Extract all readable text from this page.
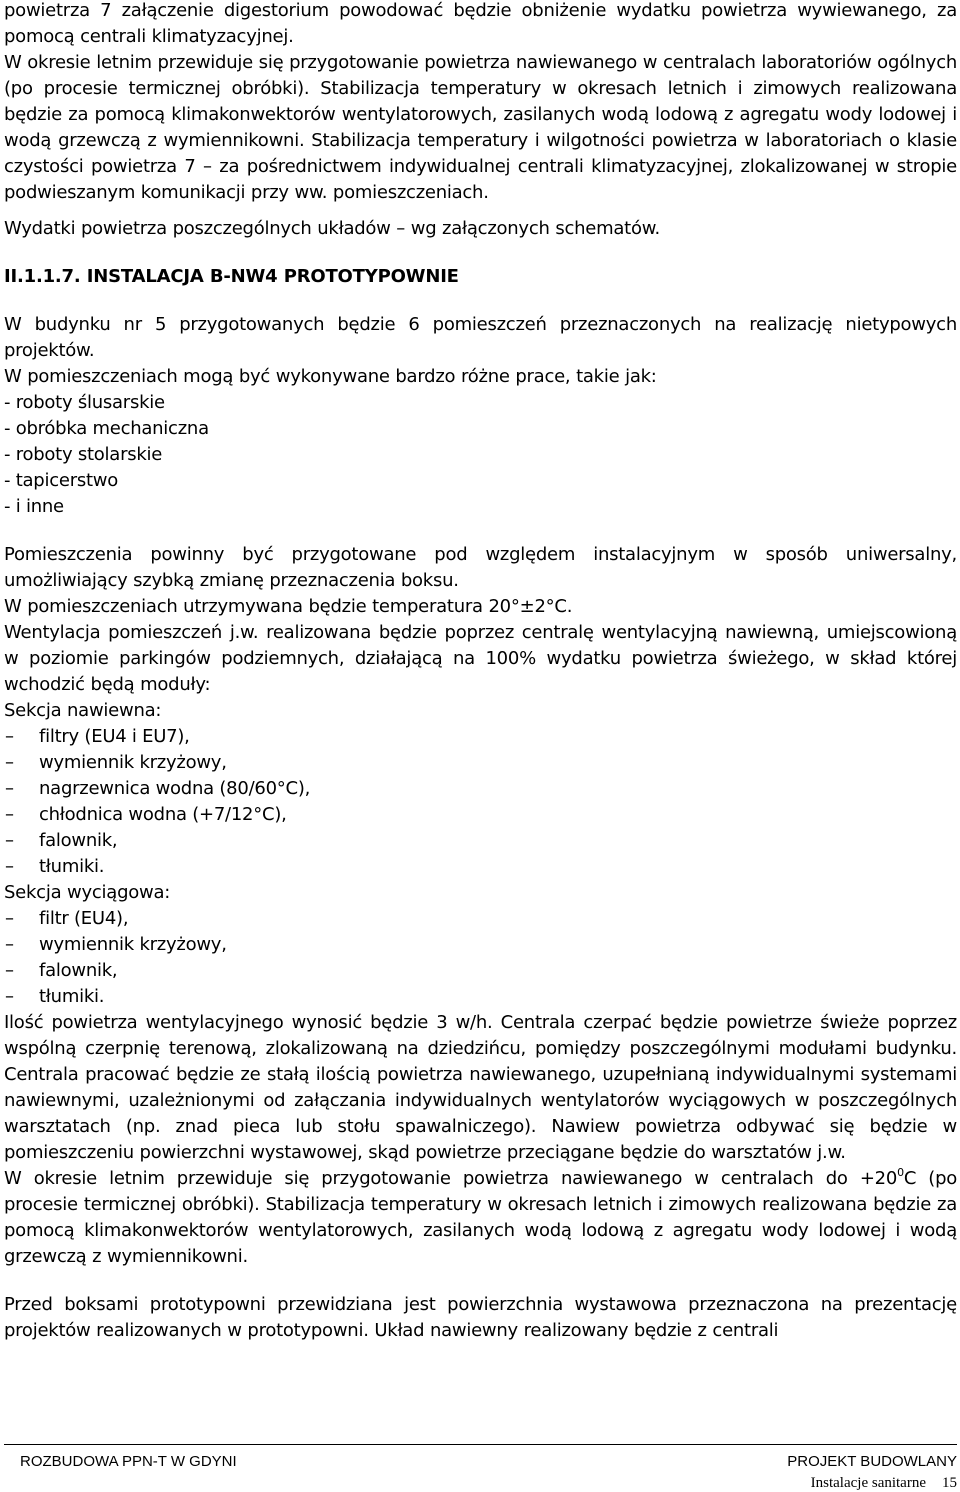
powietrza 7 załączenie digestorium powodować będzie obniżenie wydatku powietrza wywiewanego, za pomocą centrali klimatyzacyjnej.

W okresie letnim przewiduje się przygotowanie powietrza nawiewanego w centralach laboratoriów ogólnych (po procesie termicznej obróbki). Stabilizacja temperatury w okresach letnich i zimowych realizowana będzie za pomocą klimakonwektorów wentylatorowych, zasilanych wodą lodową z agregatu wody lodowej i wodą grzewczą z wymiennikowni. Stabilizacja temperatury i wilgotności powietrza w laboratoriach o klasie czystości powietrza 7 – za pośrednictwem indywidualnej centrali klimatyzacyjnej, zlokalizowanej w stropie podwieszanym komunikacji przy ww. pomieszczeniach.

Wydatki powietrza poszczególnych układów – wg załączonych schematów.

II.1.1.7. INSTALACJA B-NW4 PROTOTYPOWNIE

W budynku nr 5 przygotowanych będzie 6 pomieszczeń przeznaczonych na realizację nietypowych projektów.

W pomieszczeniach mogą być wykonywane bardzo różne prace, takie jak:

- roboty ślusarskie
- obróbka mechaniczna
- roboty stolarskie
- tapicerstwo
- i inne

Pomieszczenia powinny być przygotowane pod względem instalacyjnym w sposób uniwersalny, umożliwiający szybką zmianę przeznaczenia boksu.

W pomieszczeniach utrzymywana będzie temperatura 20°±2°C.

Wentylacja pomieszczeń j.w. realizowana będzie poprzez centralę wentylacyjną nawiewną, umiejscowioną w poziomie parkingów podziemnych, działającą na 100% wydatku powietrza świeżego, w skład której wchodzić będą moduły:

Sekcja nawiewna:

– filtry (EU4 i EU7),
– wymiennik krzyżowy,
– nagrzewnica wodna (80/60°C),
– chłodnica wodna (+7/12°C),
– falownik,
– tłumiki.

Sekcja wyciągowa:

– filtr (EU4),
– wymiennik krzyżowy,
– falownik,
– tłumiki.

Ilość powietrza wentylacyjnego wynosić będzie 3 w/h. Centrala czerpać będzie powietrze świeże poprzez wspólną czerpnię terenową, zlokalizowaną na dziedzińcu, pomiędzy poszczególnymi modułami budynku. Centrala pracować będzie ze stałą ilością powietrza nawiewanego, uzupełnianą indywidualnymi systemami nawiewnymi, uzależnionymi od załączania indywidualnych wentylatorów wyciągowych w poszczególnych warsztatach (np. znad pieca lub stołu spawalniczego). Nawiew powietrza odbywać się będzie w pomieszczeniu powierzchni wystawowej, skąd powietrze przeciągane będzie do warsztatów j.w.

W okresie letnim przewiduje się przygotowanie powietrza nawiewanego w centralach do $+20^0C$ (po procesie termicznej obróbki). Stabilizacja temperatury w okresach letnich i zimowych realizowana będzie za pomocą klimakonwektorów wentylatorowych, zasilanych wodą lodową z agregatu wody lodowej i wodą grzewczą z wymiennikowni.

Przed boksami prototypowni przewidziana jest powierzchnia wystawowa przeznaczona na prezentację projektów realizowanych w prototypowni. Układ nawiewny realizowany będzie z centrali

ROZBUDOWA PPN-T W GDYNI	PROJEKT BUDOWLANY
Instalacje sanitarne 15
